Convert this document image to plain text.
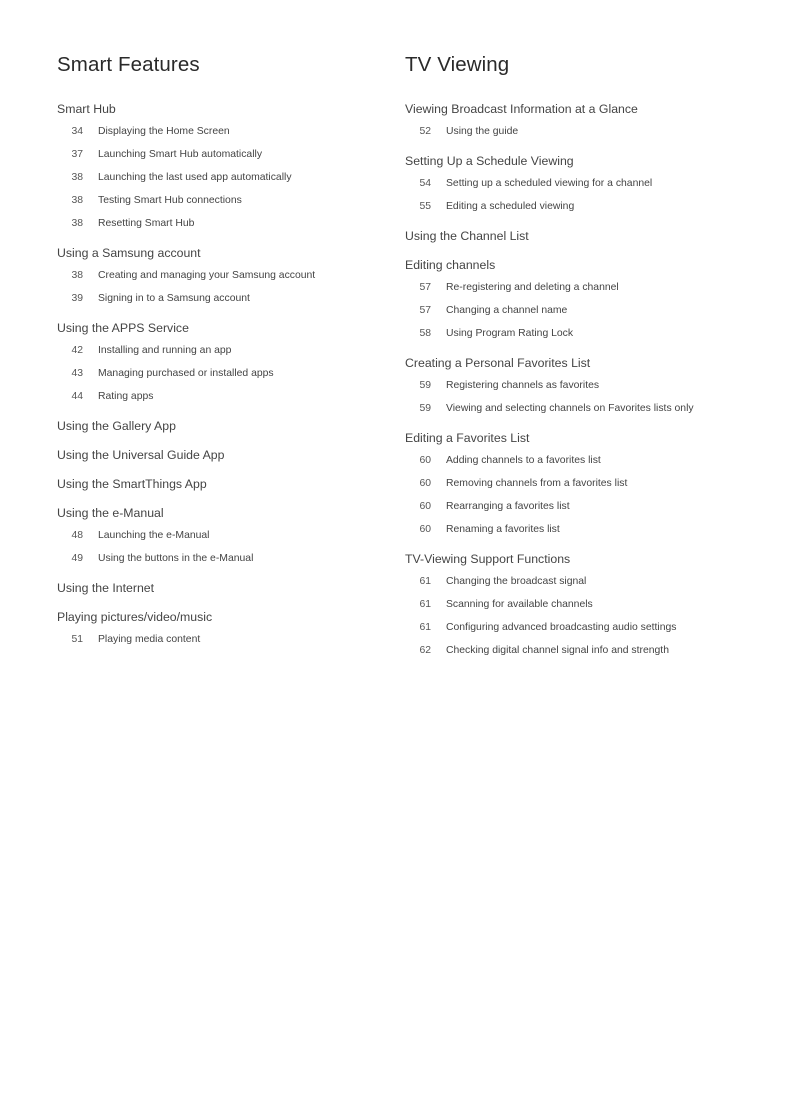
Smart Features
Smart Hub
34 Displaying the Home Screen
37 Launching Smart Hub automatically
38 Launching the last used app automatically
38 Testing Smart Hub connections
38 Resetting Smart Hub
Using a Samsung account
38 Creating and managing your Samsung account
39 Signing in to a Samsung account
Using the APPS Service
42 Installing and running an app
43 Managing purchased or installed apps
44 Rating apps
Using the Gallery App
Using the Universal Guide App
Using the SmartThings App
Using the e-Manual
48 Launching the e-Manual
49 Using the buttons in the e-Manual
Using the Internet
Playing pictures/video/music
51 Playing media content
TV Viewing
Viewing Broadcast Information at a Glance
52 Using the guide
Setting Up a Schedule Viewing
54 Setting up a scheduled viewing for a channel
55 Editing a scheduled viewing
Using the Channel List
Editing channels
57 Re-registering and deleting a channel
57 Changing a channel name
58 Using Program Rating Lock
Creating a Personal Favorites List
59 Registering channels as favorites
59 Viewing and selecting channels on Favorites lists only
Editing a Favorites List
60 Adding channels to a favorites list
60 Removing channels from a favorites list
60 Rearranging a favorites list
60 Renaming a favorites list
TV-Viewing Support Functions
61 Changing the broadcast signal
61 Scanning for available channels
61 Configuring advanced broadcasting audio settings
62 Checking digital channel signal info and strength
